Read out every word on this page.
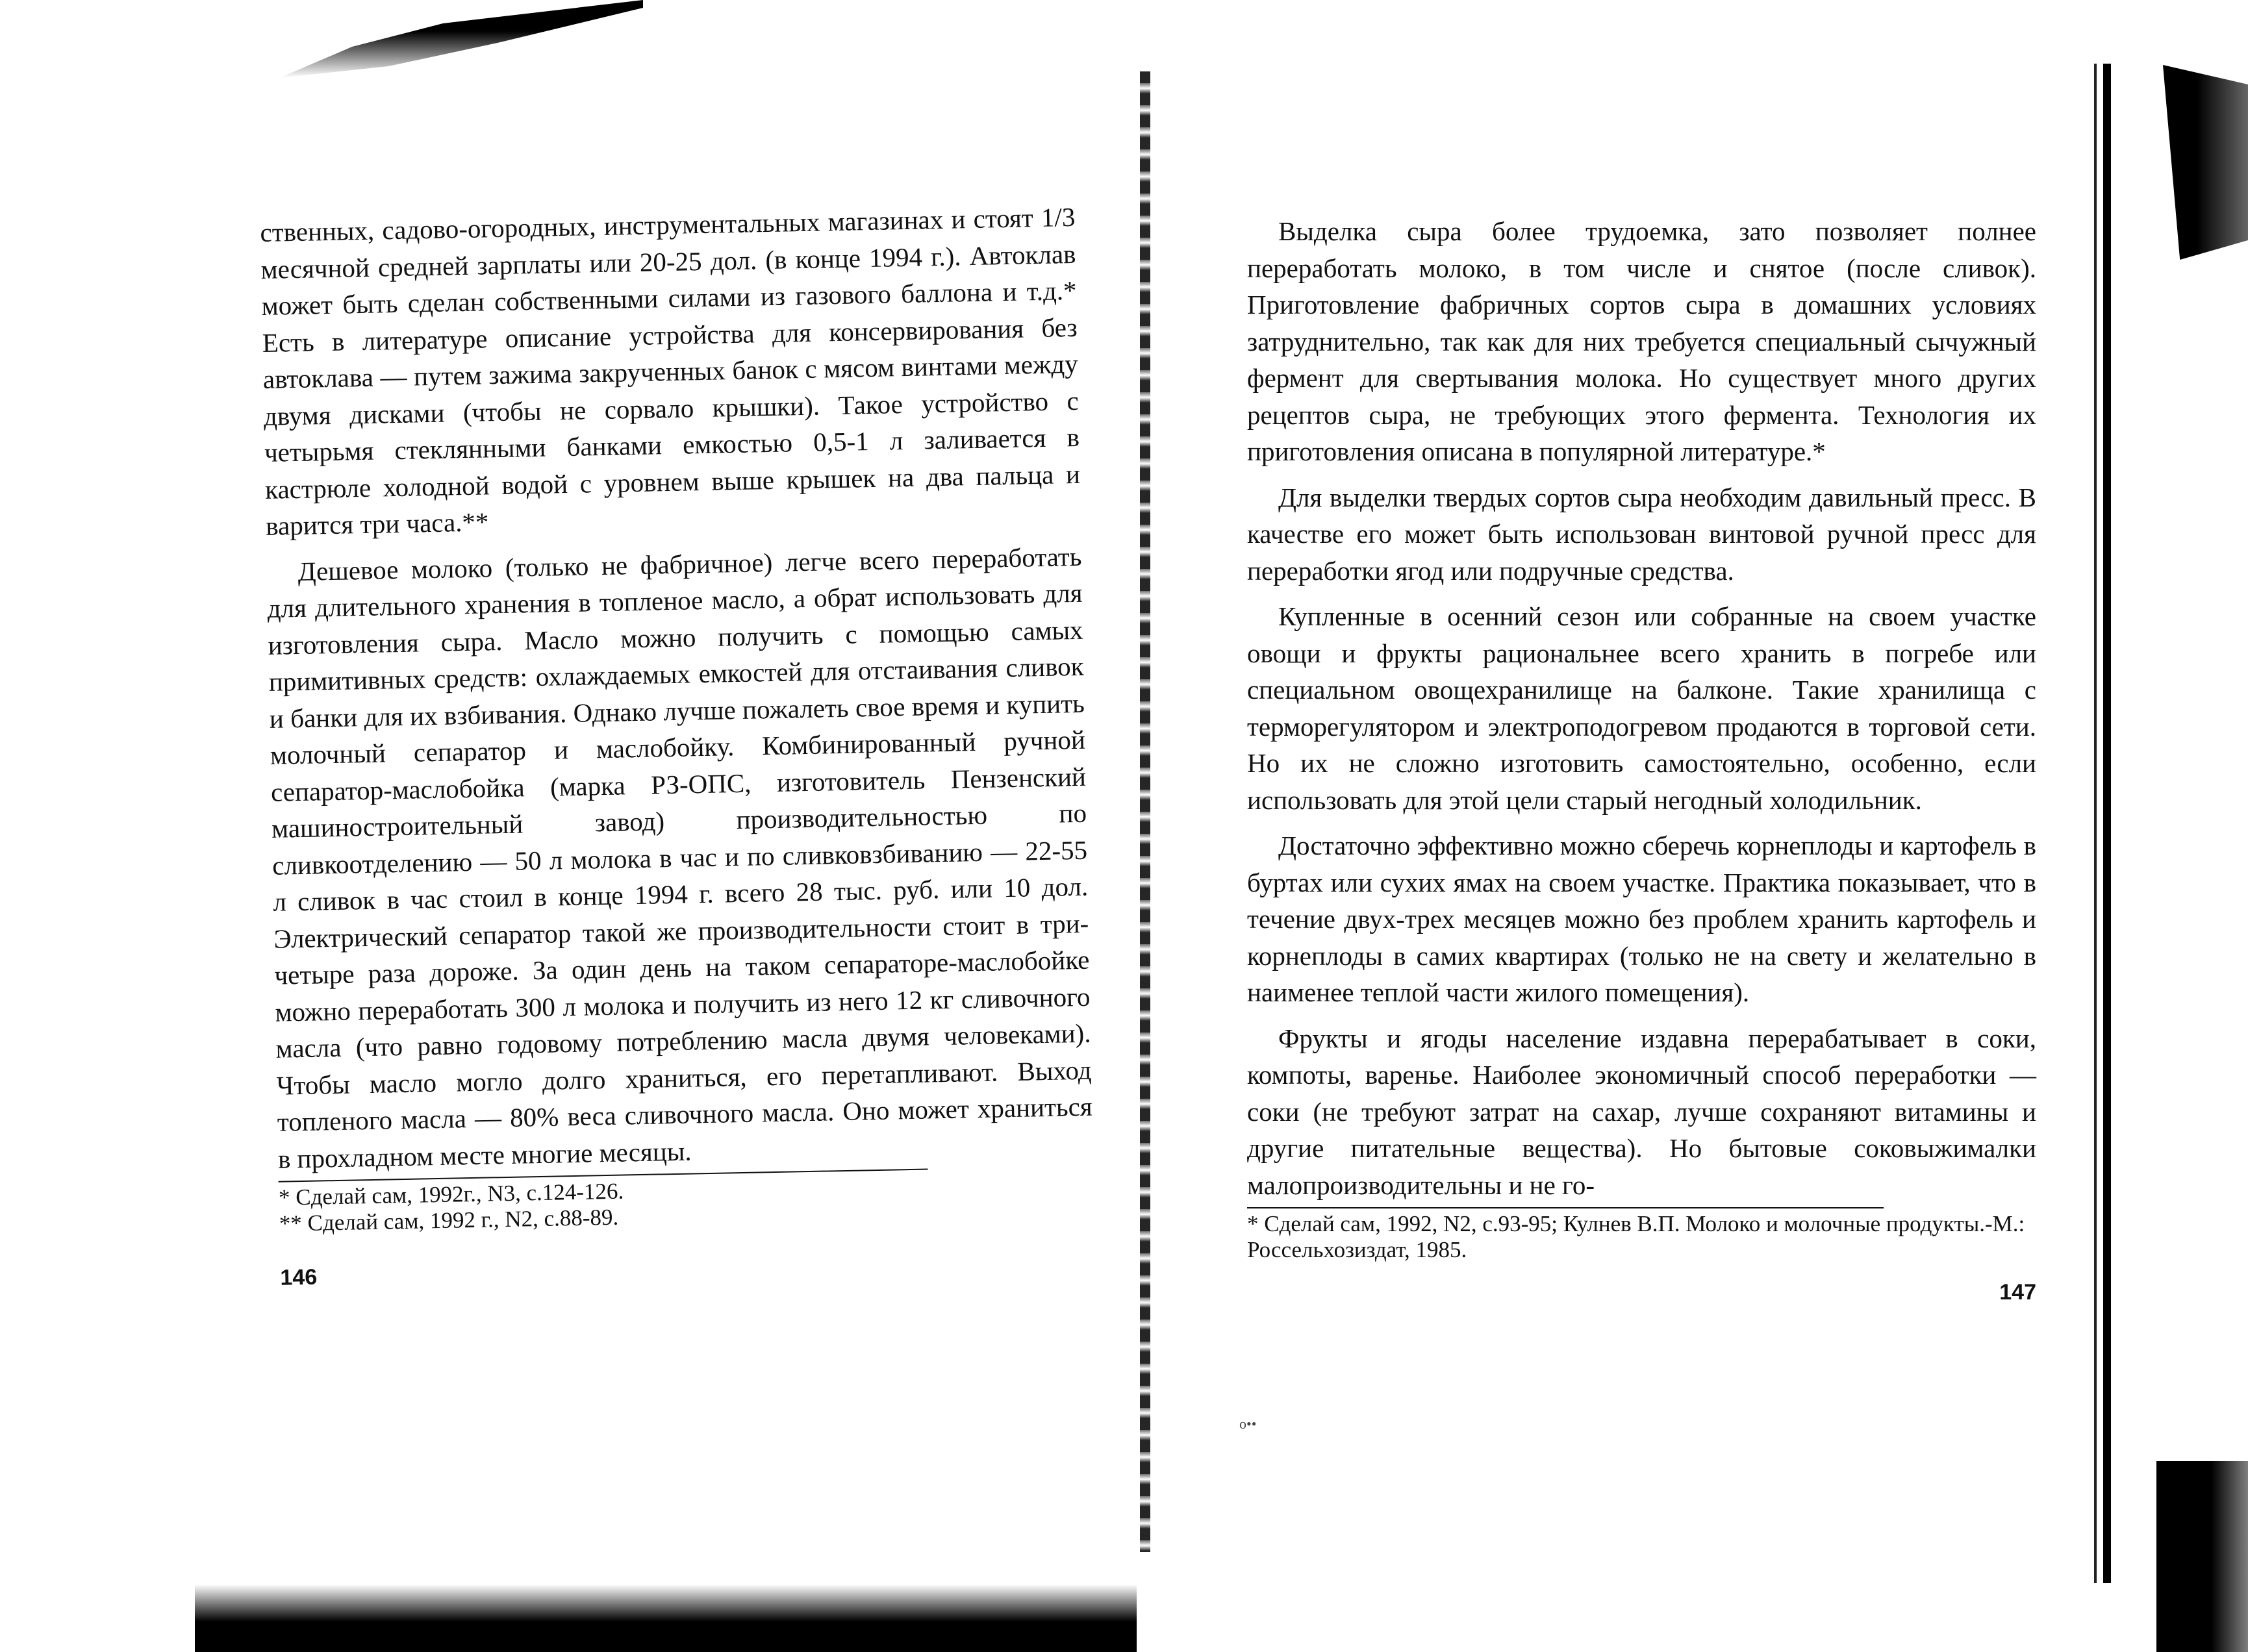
ственных, садово-огородных, инструментальных магазинах и стоят 1/3 месячной средней зарплаты или 20-25 дол. (в конце 1994 г.). Автоклав может быть сделан собственными силами из газового баллона и т.д.* Есть в литературе описание устройства для консервирования без автоклава — путем зажима закрученных банок с мясом винтами между двумя дисками (чтобы не сорвало крышки). Такое устройство с четырьмя стеклянными банками емкостью 0,5-1 л заливается в кастрюле холодной водой с уровнем выше крышек на два пальца и варится три часа.**

Дешевое молоко (только не фабричное) легче всего переработать для длительного хранения в топленое масло, а обрат использовать для изготовления сыра. Масло можно получить с помощью самых примитивных средств: охлаждаемых емкостей для отстаивания сливок и банки для их взбивания. Однако лучше пожалеть свое время и купить молочный сепаратор и маслобойку. Комбинированный ручной сепаратор-маслобойка (марка РЗ-ОПС, изготовитель Пензенский машиностроительный завод) производительностью по сливкоотделению — 50 л молока в час и по сливковзбиванию — 22-55 л сливок в час стоил в конце 1994 г. всего 28 тыс. руб. или 10 дол. Электрический сепаратор такой же производительности стоит в три-четыре раза дороже. За один день на таком сепараторе-маслобойке можно переработать 300 л молока и получить из него 12 кг сливочного масла (что равно годовому потреблению масла двумя человеками). Чтобы масло могло долго храниться, его перетапливают. Выход топленого масла — 80% веса сливочного масла. Оно может храниться в прохладном месте многие месяцы.

* Сделай сам, 1992г., N3, с.124-126.

** Сделай сам, 1992 г., N2, с.88-89.

146

Выделка сыра более трудоемка, зато позволяет полнее переработать молоко, в том числе и снятое (после сливок). Приготовление фабричных сортов сыра в домашних условиях затруднительно, так как для них требуется специальный сычужный фермент для свертывания молока. Но существует много других рецептов сыра, не требующих этого фермента. Технология их приготовления описана в популярной литературе.*

Для выделки твердых сортов сыра необходим давильный пресс. В качестве его может быть использован винтовой ручной пресс для переработки ягод или подручные средства.

Купленные в осенний сезон или собранные на своем участке овощи и фрукты рациональнее всего хранить в погребе или специальном овощехранилище на балконе. Такие хранилища с терморегулятором и электроподогревом продаются в торговой сети. Но их не сложно изготовить самостоятельно, особенно, если использовать для этой цели старый негодный холодильник.

Достаточно эффективно можно сберечь корнеплоды и картофель в буртах или сухих ямах на своем участке. Практика показывает, что в течение двух-трех месяцев можно без проблем хранить картофель и корнеплоды в самих квартирах (только не на свету и желательно в наименее теплой части жилого помещения).

Фрукты и ягоды население издавна перерабатывает в соки, компоты, варенье. Наиболее экономичный способ переработки — соки (не требуют затрат на сахар, лучше сохраняют витамины и другие питательные вещества). Но бытовые соковыжималки малопроизводительны и не го-

* Сделай сам, 1992, N2, с.93-95; Кулнев В.П. Молоко и молочные продукты.-М.: Россельхозиздат, 1985.

147
o••
